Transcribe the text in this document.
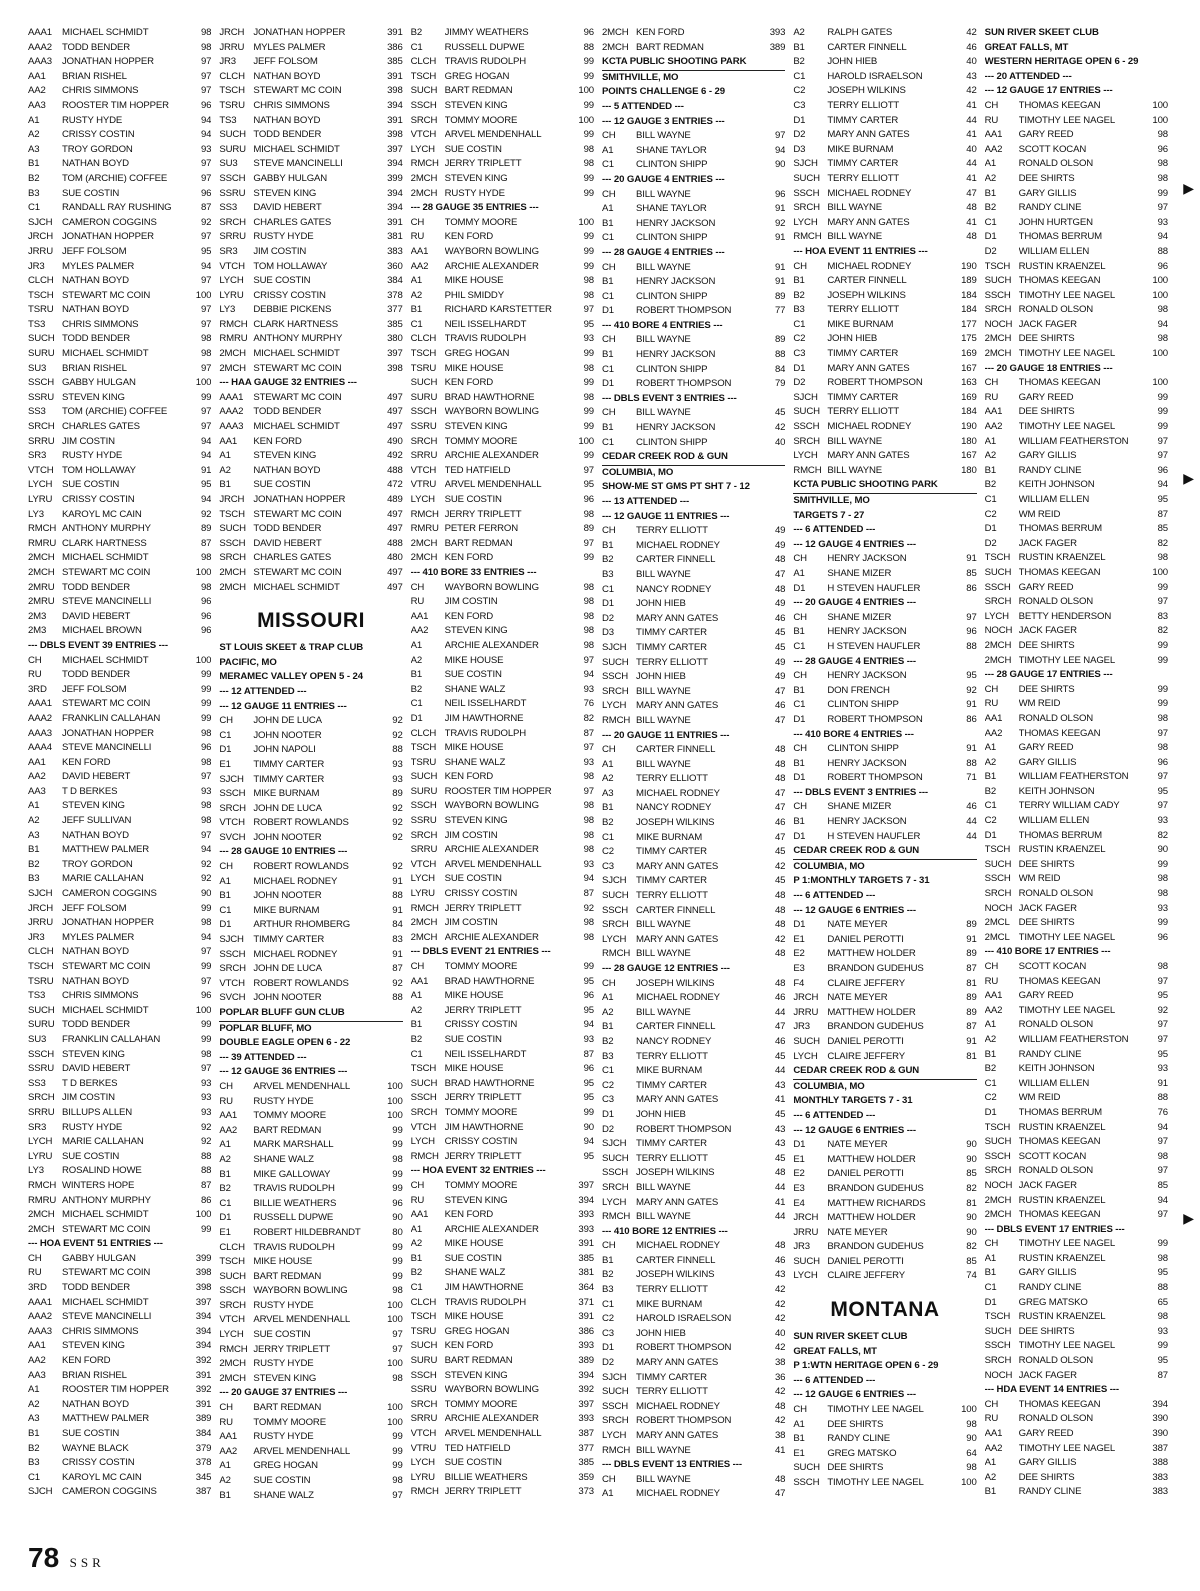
AAA1	MICHAEL SCHMIDT	98
AAA2	TODD BENDER	98
AAA3	JONATHAN HOPPER	97
AA1	BRIAN RISHEL	97
AA2	CHRIS SIMMONS	97
AA3	ROOSTER TIM HOPPER	96
A1	RUSTY HYDE	94
A2	CRISSY COSTIN	94
A3	TROY GORDON	93
B1	NATHAN BOYD	97
B2	TOM (ARCHIE) COFFEE	97
B3	SUE COSTIN	96
C1	RANDALL RAY RUSHING	87
SJCH CAMERON COGGINS	92
JRCH JONATHAN HOPPER	97
JRRU JEFF FOLSOM	95
JR3	MYLES PALMER	94
CLCH NATHAN BOYD	97
TSCH STEWART MC COIN	100
TSRU NATHAN BOYD	97
TS3	CHRIS SIMMONS	97
SUCH TODD BENDER	98
SURU MICHAEL SCHMIDT	98
SU3	BRIAN RISHEL	97
SSCH GABBY HULGAN	100
SSRU STEVEN KING	99
SS3	TOM (ARCHIE) COFFEE	97
SRCH CHARLES GATES	97
SRRU JIM COSTIN	94
SR3	RUSTY HYDE	94
VTCH TOM HOLLAWAY	91
LYCH	SUE COSTIN	95
LYRU	CRISSY COSTIN	94
LY3	KAROYL MC CAIN	92
RMCH ANTHONY MURPHY	89
RMRU CLARK HARTNESS	87
2MCH MICHAEL SCHMIDT	98
2MCH STEWART MC COIN	100
2MRU TODD BENDER	98
2MRU STEVE MANCINELLI	96
2M3	DAVID HEBERT	96
2M3	MICHAEL BROWN	96
--- DBLS EVENT 39 ENTRIES ---
CH	MICHAEL SCHMIDT	100
RU	TODD BENDER	99
3RD	JEFF FOLSOM	99
AAA1	STEWART MC COIN	99
AAA2	FRANKLIN CALLAHAN	99
AAA3	JONATHAN HOPPER	98
AAA4	STEVE MANCINELLI	96
AA1	KEN FORD	98
AA2	DAVID HEBERT	97
AA3	T D BERKES	93
A1	STEVEN KING	98
A2	JEFF SULLIVAN	98
A3	NATHAN BOYD	97
B1	MATTHEW PALMER	94
B2	TROY GORDON	92
B3	MARIE CALLAHAN	92
SJCH CAMERON COGGINS	90
JRCH JEFF FOLSOM	99
JRRU JONATHAN HOPPER	98
JR3	MYLES PALMER	94
CLCH NATHAN BOYD	97
TSCH STEWART MC COIN	99
TSRU NATHAN BOYD	97
TS3	CHRIS SIMMONS	96
SUCH MICHAEL SCHMIDT	100
SURU TODD BENDER	99
SU3	FRANKLIN CALLAHAN	99
SSCH STEVEN KING	98
SSRU DAVID HEBERT	97
SS3	T D BERKES	93
SRCH JIM COSTIN	93
SRRU BILLUPS ALLEN	93
SR3	RUSTY HYDE	92
LYCH	MARIE CALLAHAN	92
LYRU	SUE COSTIN	88
LY3	ROSALIND HOWE	88
RMCH WINTERS HOPE	87
RMRU ANTHONY MURPHY	86
2MCH MICHAEL SCHMIDT	100
2MCH STEWART MC COIN	99
--- HOA EVENT 51 ENTRIES ---
CH	GABBY HULGAN	399
RU	STEWART MC COIN	398
3RD	TODD BENDER	398
AAA1	MICHAEL SCHMIDT	397
AAA2	STEVE MANCINELLI	394
AAA3	CHRIS SIMMONS	394
AA1	STEVEN KING	394
AA2	KEN FORD	392
AA3	BRIAN RISHEL	391
A1	ROOSTER TIM HOPPER	392
A2	NATHAN BOYD	391
A3	MATTHEW PALMER	389
B1	SUE COSTIN	384
B2	WAYNE BLACK	379
B3	CRISSY COSTIN	378
C1	KAROYL MC CAIN	345
SJCH CAMERON COGGINS	387
JRCH JONATHAN HOPPER	391
JRRU MYLES PALMER	386
JR3	JEFF FOLSOM	385
CLCH NATHAN BOYD	391
TSCH STEWART MC COIN	398
TSRU CHRIS SIMMONS	394
TS3	NATHAN BOYD	391
SUCH TODD BENDER	398
SURU MICHAEL SCHMIDT	397
SU3	STEVE MANCINELLI	394
SSCH GABBY HULGAN	399
SSRU STEVEN KING	394
SS3	DAVID HEBERT	394
SRCH CHARLES GATES	391
SRRU RUSTY HYDE	381
SR3	JIM COSTIN	383
VTCH TOM HOLLAWAY	360
LYCH	SUE COSTIN	384
LYRU	CRISSY COSTIN	378
LY3	DEBBIE PICKENS	377
RMCH CLARK HARTNESS	385
RMRU ANTHONY MURPHY	380
2MCH MICHAEL SCHMIDT	397
2MCH STEWART MC COIN	398
--- HAA GAUGE 32 ENTRIES ---
AAA1	STEWART MC COIN	497
AAA2	TODD BENDER	497
AAA3	MICHAEL SCHMIDT	497
AA1	KEN FORD	490
A1	STEVEN KING	492
A2	NATHAN BOYD	488
B1	SUE COSTIN	472
JRCH JONATHAN HOPPER	489
TSCH STEWART MC COIN	497
SUCH TODD BENDER	497
SSCH DAVID HEBERT	488
SRCH CHARLES GATES	480
2MCH STEWART MC COIN	497
2MCH MICHAEL SCHMIDT	497
MISSOURI
ST LOUIS SKEET & TRAP CLUB
PACIFIC, MO
MERAMEC VALLEY OPEN 5 - 24
--- 12 ATTENDED ---
--- 12 GAUGE 11 ENTRIES ---
CH	JOHN DE LUCA	92
C1	JOHN NOOTER	92
D1	JOHN NAPOLI	88
E1	TIMMY CARTER	93
SJCH TIMMY CARTER	93
SSCH MIKE BURNAM	89
SRCH JOHN DE LUCA	92
VTCH ROBERT ROWLANDS	92
SVCH JOHN NOOTER	92
--- 28 GAUGE 10 ENTRIES ---
CH	ROBERT ROWLANDS	92
A1	MICHAEL RODNEY	91
B1	JOHN NOOTER	88
C1	MIKE BURNAM	91
D1	ARTHUR RHOMBERG	84
SJCH TIMMY CARTER	83
SSCH MICHAEL RODNEY	91
SRCH JOHN DE LUCA	87
VTCH ROBERT ROWLANDS	92
SVCH JOHN NOOTER	88
POPLAR BLUFF GUN CLUB
POPLAR BLUFF, MO
DOUBLE EAGLE OPEN 6 - 22
--- 39 ATTENDED ---
--- 12 GAUGE 36 ENTRIES ---
CH	ARVEL MENDENHALL	100
RU	RUSTY HYDE	100
AA1	TOMMY MOORE	100
AA2	BART REDMAN	99
A1	MARK MARSHALL	99
A2	SHANE WALZ	98
B1	MIKE GALLOWAY	99
B2	TRAVIS RUDOLPH	99
C1	BILLIE WEATHERS	96
D1	RUSSELL DUPWE	90
E1	ROBERT HILDEBRANDT	80
CLCH TRAVIS RUDOLPH	99
TSCH MIKE HOUSE	99
SUCH BART REDMAN	99
SSCH WAYBORN BOWLING	98
SRCH RUSTY HYDE	100
VTCH ARVEL MENDENHALL	100
LYCH	SUE COSTIN	97
RMCH JERRY TRIPLETT	97
2MCH RUSTY HYDE	100
2MCH STEVEN KING	98
--- 20 GAUGE 37 ENTRIES ---
CH	BART REDMAN	100
RU	TOMMY MOORE	100
AA1	RUSTY HYDE	99
AA2	ARVEL MENDENHALL	99
A1	GREG HOGAN	99
A2	SUE COSTIN	98
B1	SHANE WALZ	97
B2	JIMMY WEATHERS	96
C1	RUSSELL DUPWE	88
CLCH TRAVIS RUDOLPH	99
TSCH GREG HOGAN	99
SUCH BART REDMAN	100
SSCH STEVEN KING	99
SRCH TOMMY MOORE	100
VTCH ARVEL MENDENHALL	99
LYCH	SUE COSTIN	98
RMCH JERRY TRIPLETT	98
2MCH STEVEN KING	99
2MCH RUSTY HYDE	99
--- 28 GAUGE 35 ENTRIES ---
CH	TOMMY MOORE	100
RU	KEN FORD	99
AA1	WAYBORN BOWLING	99
AA2	ARCHIE ALEXANDER	99
A1	MIKE HOUSE	98
A2	PHIL SMIDDY	98
B1	RICHARD KARSTETTER	97
C1	NEIL ISSELHARDT	95
CLCH TRAVIS RUDOLPH	93
TSCH GREG HOGAN	99
TSRU MIKE HOUSE	98
SUCH KEN FORD	99
SURU BRAD HAWTHORNE	98
SSCH WAYBORN BOWLING	99
SSRU STEVEN KING	99
SRCH TOMMY MOORE	100
SRRU ARCHIE ALEXANDER	99
VTCH TED HATFIELD	97
VTRU ARVEL MENDENHALL	95
LYCH	SUE COSTIN	96
RMCH JERRY TRIPLETT	98
RMRU PETER FERRON	89
2MCH BART REDMAN	97
2MCH KEN FORD	99
--- 410 BORE 33 ENTRIES ---
CH	WAYBORN BOWLING	98
RU	JIM COSTIN	98
AA1	KEN FORD	98
AA2	STEVEN KING	98
A1	ARCHIE ALEXANDER	98
A2	MIKE HOUSE	97
B1	SUE COSTIN	94
B2	SHANE WALZ	93
C1	NEIL ISSELHARDT	76
D1	JIM HAWTHORNE	82
CLCH TRAVIS RUDOLPH	87
TSCH MIKE HOUSE	97
TSRU SHANE WALZ	93
SUCH KEN FORD	98
SURU ROOSTER TIM HOPPER	97
SSCH WAYBORN BOWLING	98
SSRU STEVEN KING	98
SRCH JIM COSTIN	98
SRRU ARCHIE ALEXANDER	98
VTCH ARVEL MENDENHALL	93
LYCH	SUE COSTIN	94
LYRU	CRISSY COSTIN	87
RMCH JERRY TRIPLETT	92
2MCH JIM COSTIN	98
2MCH ARCHIE ALEXANDER	98
--- DBLS EVENT 21 ENTRIES ---
CH	TOMMY MOORE	99
AA1	BRAD HAWTHORNE	95
A1	MIKE HOUSE	96
A2	JERRY TRIPLETT	95
B1	CRISSY COSTIN	94
B2	SUE COSTIN	93
C1	NEIL ISSELHARDT	87
TSCH MIKE HOUSE	96
SUCH BRAD HAWTHORNE	95
SSCH JERRY TRIPLETT	95
SRCH TOMMY MOORE	99
VTCH JIM HAWTHORNE	90
LYCH	CRISSY COSTIN	94
RMCH JERRY TRIPLETT	95
--- HOA EVENT 32 ENTRIES ---
CH	TOMMY MOORE	397
RU	STEVEN KING	394
AA1	KEN FORD	393
A1	ARCHIE ALEXANDER	393
A2	MIKE HOUSE	391
B1	SUE COSTIN	385
B2	SHANE WALZ	381
C1	JIM HAWTHORNE	364
CLCH TRAVIS RUDOLPH	371
TSCH MIKE HOUSE	391
TSRU GREG HOGAN	386
SUCH KEN FORD	393
SURU BART REDMAN	389
SSCH STEVEN KING	394
SSRU WAYBORN BOWLING	392
SRCH TOMMY MOORE	397
SRRU ARCHIE ALEXANDER	393
VTCH ARVEL MENDENHALL	387
VTRU TED HATFIELD	377
LYCH	SUE COSTIN	385
LYRU	BILLIE WEATHERS	359
RMCH JERRY TRIPLETT	373
2MCH KEN FORD	393
2MCH BART REDMAN	389
KCTA PUBLIC SHOOTING PARK
SMITHVILLE, MO
POINTS CHALLENGE 6 - 29
--- 5 ATTENDED ---
--- 12 GAUGE 3 ENTRIES ---
CH	BILL WAYNE	97
A1	SHANE TAYLOR	94
C1	CLINTON SHIPP	90
--- 20 GAUGE 4 ENTRIES ---
CH	BILL WAYNE	96
A1	SHANE TAYLOR	91
B1	HENRY JACKSON	92
C1	CLINTON SHIPP	91
--- 28 GAUGE 4 ENTRIES ---
CH	BILL WAYNE	91
B1	HENRY JACKSON	91
C1	CLINTON SHIPP	89
D1	ROBERT THOMPSON	77
--- 410 BORE 4 ENTRIES ---
CH	BILL WAYNE	89
B1	HENRY JACKSON	88
C1	CLINTON SHIPP	84
D1	ROBERT THOMPSON	79
--- DBLS EVENT 3 ENTRIES ---
CH	BILL WAYNE	45
B1	HENRY JACKSON	42
C1	CLINTON SHIPP	40
CEDAR CREEK ROD & GUN
COLUMBIA, MO
SHOW-ME ST GMS PT SHT 7 - 12
--- 13 ATTENDED ---
--- 12 GAUGE 11 ENTRIES ---
CH	TERRY ELLIOTT	49
B1	MICHAEL RODNEY	49
B2	CARTER FINNELL	48
B3	BILL WAYNE	47
C1	NANCY RODNEY	48
D1	JOHN HIEB	49
D2	MARY ANN GATES	46
D3	TIMMY CARTER	45
SJCH TIMMY CARTER	45
SUCH TERRY ELLIOTT	49
SSCH JOHN HIEB	49
SRCH BILL WAYNE	47
LYCH	MARY ANN GATES	46
RMCH BILL WAYNE	47
--- 20 GAUGE 11 ENTRIES ---
CH	CARTER FINNELL	48
A1	BILL WAYNE	48
A2	TERRY ELLIOTT	48
A3	MICHAEL RODNEY	47
B1	NANCY RODNEY	47
B2	JOSEPH WILKINS	46
C1	MIKE BURNAM	47
C2	TIMMY CARTER	45
C3	MARY ANN GATES	42
SJCH TIMMY CARTER	45
SUCH TERRY ELLIOTT	48
SSCH CARTER FINNELL	48
SRCH BILL WAYNE	48
LYCH	MARY ANN GATES	42
RMCH BILL WAYNE	48
--- 28 GAUGE 12 ENTRIES ---
CH	JOSEPH WILKINS	48
A1	MICHAEL RODNEY	46
A2	BILL WAYNE	44
B1	CARTER FINNELL	47
B2	NANCY RODNEY	46
B3	TERRY ELLIOTT	45
C1	MIKE BURNAM	44
C2	TIMMY CARTER	43
C3	MARY ANN GATES	41
D1	JOHN HIEB	45
D2	ROBERT THOMPSON	43
SJCH TIMMY CARTER	43
SUCH TERRY ELLIOTT	45
SSCH JOSEPH WILKINS	48
SRCH BILL WAYNE	44
LYCH	MARY ANN GATES	41
RMCH BILL WAYNE	44
--- 410 BORE 12 ENTRIES ---
CH	MICHAEL RODNEY	48
B1	CARTER FINNELL	46
B2	JOSEPH WILKINS	43
B3	TERRY ELLIOTT	42
C1	MIKE BURNAM	42
C2	HAROLD ISRAELSON	42
C3	JOHN HIEB	40
D1	ROBERT THOMPSON	42
D2	MARY ANN GATES	38
SJCH TIMMY CARTER	36
SUCH TERRY ELLIOTT	42
SSCH MICHAEL RODNEY	48
SRCH ROBERT THOMPSON	42
LYCH	MARY ANN GATES	38
RMCH BILL WAYNE	41
--- DBLS EVENT 13 ENTRIES ---
CH	BILL WAYNE	48
A1	MICHAEL RODNEY	47
A2	RALPH GATES	42
B1	CARTER FINNELL	46
B2	JOHN HIEB	40
C1	HAROLD ISRAELSON	43
C2	JOSEPH WILKINS	42
C3	TERRY ELLIOTT	41
D1	TIMMY CARTER	44
D2	MARY ANN GATES	41
D3	MIKE BURNAM	40
SJCH TIMMY CARTER	44
SUCH TERRY ELLIOTT	41
SSCH MICHAEL RODNEY	47
SRCH BILL WAYNE	48
LYCH	MARY ANN GATES	41
RMCH BILL WAYNE	48
--- HOA EVENT 11 ENTRIES ---
CH	MICHAEL RODNEY	190
B1	CARTER FINNELL	189
B2	JOSEPH WILKINS	184
B3	TERRY ELLIOTT	184
C1	MIKE BURNAM	177
C2	JOHN HIEB	175
C3	TIMMY CARTER	169
D1	MARY ANN GATES	167
D2	ROBERT THOMPSON	163
SJCH TIMMY CARTER	169
SUCH TERRY ELLIOTT	184
SSCH MICHAEL RODNEY	190
SRCH BILL WAYNE	180
LYCH	MARY ANN GATES	167
RMCH BILL WAYNE	180
KCTA PUBLIC SHOOTING PARK
SMITHVILLE, MO
TARGETS 7 - 27
--- 6 ATTENDED ---
--- 12 GAUGE 4 ENTRIES ---
CH	HENRY JACKSON	91
A1	SHANE MIZER	85
D1	H STEVEN HAUFLER	86
--- 20 GAUGE 4 ENTRIES ---
CH	SHANE MIZER	97
B1	HENRY JACKSON	96
C1	H STEVEN HAUFLER	88
--- 28 GAUGE 4 ENTRIES ---
CH	HENRY JACKSON	95
B1	DON FRENCH	92
C1	CLINTON SHIPP	91
D1	ROBERT THOMPSON	86
--- 410 BORE 4 ENTRIES ---
CH	CLINTON SHIPP	91
B1	HENRY JACKSON	88
D1	ROBERT THOMPSON	71
--- DBLS EVENT 3 ENTRIES ---
CH	SHANE MIZER	46
B1	HENRY JACKSON	44
D1	H STEVEN HAUFLER	44
CEDAR CREEK ROD & GUN
COLUMBIA, MO
P 1:MONTHLY TARGETS 7 - 31
--- 6 ATTENDED ---
--- 12 GAUGE 6 ENTRIES ---
D1	NATE MEYER	89
E1	DANIEL PEROTTI	91
E2	MATTHEW HOLDER	89
E3	BRANDON GUDEHUS	87
F4	CLAIRE JEFFERY	81
JRCH NATE MEYER	89
JRRU MATTHEW HOLDER	89
JR3	BRANDON GUDEHUS	87
SUCH DANIEL PEROTTI	91
LYCH	CLAIRE JEFFERY	81
CEDAR CREEK ROD & GUN
COLUMBIA, MO
MONTHLY TARGETS 7 - 31
--- 6 ATTENDED ---
--- 12 GAUGE 6 ENTRIES ---
D1	NATE MEYER	90
E1	MATTHEW HOLDER	90
E2	DANIEL PEROTTI	85
E3	BRANDON GUDEHUS	82
E4	MATTHEW RICHARDS	81
JRCH MATTHEW HOLDER	90
JRRU NATE MEYER	90
JR3	BRANDON GUDEHUS	82
SUCH DANIEL PEROTTI	85
LYCH	CLAIRE JEFFERY	74
MONTANA
SUN RIVER SKEET CLUB
GREAT FALLS, MT
P 1:WTN HERITAGE OPEN 6 - 29
--- 6 ATTENDED ---
--- 12 GAUGE 6 ENTRIES ---
CH	TIMOTHY LEE NAGEL	100
A1	DEE SHIRTS	98
B1	RANDY CLINE	90
E1	GREG MATSKO	64
SUCH DEE SHIRTS	98
SSCH TIMOTHY LEE NAGEL	100
SUN RIVER SKEET CLUB
GREAT FALLS, MT
WESTERN HERITAGE OPEN 6 - 29
--- 20 ATTENDED ---
--- 12 GAUGE 17 ENTRIES ---
CH	THOMAS KEEGAN	100
RU	TIMOTHY LEE NAGEL	100
AA1	GARY REED	98
AA2	SCOTT KOCAN	96
A1	RONALD OLSON	98
A2	DEE SHIRTS	98
B1	GARY GILLIS	99
B2	RANDY CLINE	97
C1	JOHN HURTGEN	93
D1	THOMAS BERRUM	94
D2	WILLIAM ELLEN	88
TSCH RUSTIN KRAENZEL	96
SUCH THOMAS KEEGAN	100
SSCH TIMOTHY LEE NAGEL	100
SRCH RONALD OLSON	98
NOCH JACK FAGER	94
2MCH DEE SHIRTS	98
2MCH TIMOTHY LEE NAGEL	100
--- 20 GAUGE 18 ENTRIES ---
CH	THOMAS KEEGAN	100
RU	GARY REED	99
AA1	DEE SHIRTS	99
AA2	TIMOTHY LEE NAGEL	99
A1	WILLIAM FEATHERSTON	97
A2	GARY GILLIS	97
B1	RANDY CLINE	96
B2	KEITH JOHNSON	94
C1	WILLIAM ELLEN	95
C2	WM REID	87
D1	THOMAS BERRUM	85
D2	JACK FAGER	82
TSCH RUSTIN KRAENZEL	98
SUCH THOMAS KEEGAN	100
SSCH GARY REED	99
SRCH RONALD OLSON	97
LYCH	BETTY HENDERSON	83
NOCH JACK FAGER	82
2MCH DEE SHIRTS	99
2MCH TIMOTHY LEE NAGEL	99
--- 28 GAUGE 17 ENTRIES ---
CH	DEE SHIRTS	99
RU	WM REID	99
AA1	RONALD OLSON	98
AA2	THOMAS KEEGAN	97
A1	GARY REED	98
A2	GARY GILLIS	96
B1	WILLIAM FEATHERSTON	97
B2	KEITH JOHNSON	95
C1	TERRY WILLIAM CADY	97
C2	WILLIAM ELLEN	93
D1	THOMAS BERRUM	82
TSCH RUSTIN KRAENZEL	90
SUCH DEE SHIRTS	99
SSCH WM REID	98
SRCH RONALD OLSON	98
NOCH JACK FAGER	93
2MCL DEE SHIRTS	99
2MCL TIMOTHY LEE NAGEL	96
--- 410 BORE 17 ENTRIES ---
CH	SCOTT KOCAN	98
RU	THOMAS KEEGAN	97
AA1	GARY REED	95
AA2	TIMOTHY LEE NAGEL	92
A1	RONALD OLSON	97
A2	WILLIAM FEATHERSTON	97
B1	RANDY CLINE	95
B2	KEITH JOHNSON	93
C1	WILLIAM ELLEN	91
C2	WM REID	88
D1	THOMAS BERRUM	76
TSCH RUSTIN KRAENZEL	94
SUCH THOMAS KEEGAN	97
SSCH SCOTT KOCAN	98
SRCH RONALD OLSON	97
NOCH JACK FAGER	85
2MCH RUSTIN KRAENZEL	94
2MCH THOMAS KEEGAN	97
--- DBLS EVENT 17 ENTRIES ---
CH	TIMOTHY LEE NAGEL	99
A1	RUSTIN KRAENZEL	98
B1	GARY GILLIS	95
C1	RANDY CLINE	88
D1	GREG MATSKO	65
TSCH RUSTIN KRAENZEL	98
SUCH DEE SHIRTS	93
SSCH TIMOTHY LEE NAGEL	99
SRCH RONALD OLSON	95
NOCH JACK FAGER	87
--- HDA EVENT 14 ENTRIES ---
CH	THOMAS KEEGAN	394
RU	RONALD OLSON	390
AA1	GARY REED	390
AA2	TIMOTHY LEE NAGEL	387
A1	GARY GILLIS	388
A2	DEE SHIRTS	383
B1	RANDY CLINE	383
78 SSR
▶
▶
▶
